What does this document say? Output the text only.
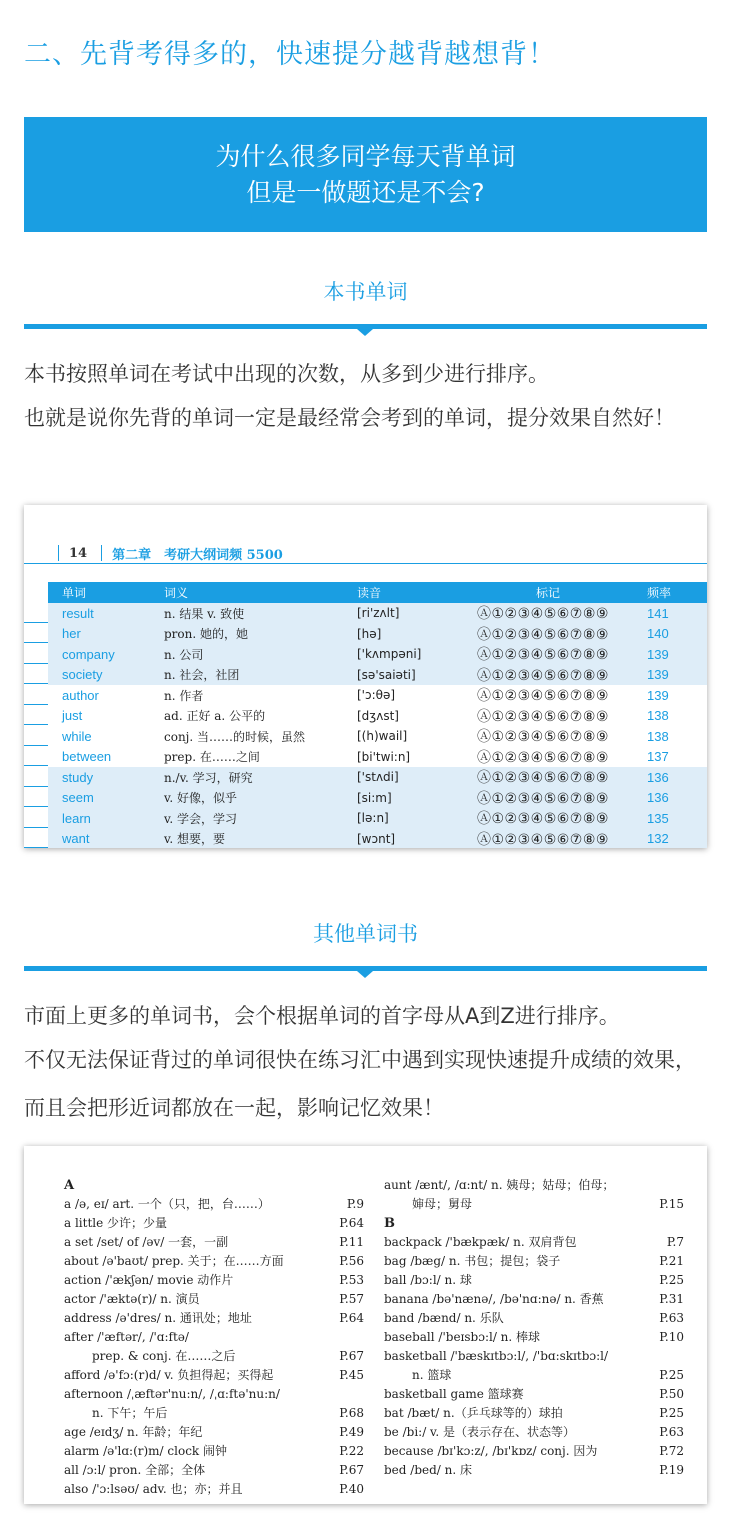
二、先背考得多的，快速提分越背越想背！
为什么很多同学每天背单词
但是一做题还是不会?
本书单词
本书按照单词在考试中出现的次数，从多到少进行排序。
也就是说你先背的单词一定是最经常会考到的单词，提分效果自然好！
14 第二章　考研大纲词频 5500
单词	词义	读音	标记	频率
result	n. 结果 v. 致使	[ri'zʌlt]	Ⓐ①②③④⑤⑥⑦⑧⑨	141
her	pron. 她的，她	[hə]	Ⓐ①②③④⑤⑥⑦⑧⑨	140
company	n. 公司	['kʌmpəni]	Ⓐ①②③④⑤⑥⑦⑧⑨	139
society	n. 社会，社团	[sə'saiəti]	Ⓐ①②③④⑤⑥⑦⑧⑨	139
author	n. 作者	['ɔ:θə]	Ⓐ①②③④⑤⑥⑦⑧⑨	139
just	ad. 正好 a. 公平的	[dʒʌst]	Ⓐ①②③④⑤⑥⑦⑧⑨	138
while	conj. 当……的时候，虽然	[(h)wail]	Ⓐ①②③④⑤⑥⑦⑧⑨	138
between	prep. 在……之间	[bi'twi:n]	Ⓐ①②③④⑤⑥⑦⑧⑨	137
study	n./v. 学习，研究	['stʌdi]	Ⓐ①②③④⑤⑥⑦⑧⑨	136
seem	v. 好像，似乎	[si:m]	Ⓐ①②③④⑤⑥⑦⑧⑨	136
learn	v. 学会，学习	[lə:n]	Ⓐ①②③④⑤⑥⑦⑧⑨	135
want	v. 想要，要	[wɔnt]	Ⓐ①②③④⑤⑥⑦⑧⑨	132
其他单词书
市面上更多的单词书，会个根据单词的首字母从A到Z进行排序。
不仅无法保证背过的单词很快在练习汇中遇到实现快速提升成绩的效果，而且会把形近词都放在一起，影响记忆效果！
A
a /ə, eɪ/ art. 一个（只，把，台……）	P.9
a little 少许；少量	P.64
a set /set/ of /əv/ 一套，一副	P.11
about /ə'baʊt/ prep. 关于；在……方面	P.56
action /'ækʃən/ movie 动作片	P.53
actor /'æktə(r)/ n. 演员	P.57
address /ə'dres/ n. 通讯处；地址	P.64
after /'æftər/, /'ɑ:ftə/
prep. & conj. 在……之后	P.67
afford /ə'fɔ:(r)d/ v. 负担得起；买得起	P.45
afternoon /ˌæftər'nu:n/, /ˌɑ:ftə'nu:n/
n. 下午；午后	P.68
age /eɪdʒ/ n. 年龄；年纪	P.49
alarm /ə'lɑ:(r)m/ clock 闹钟	P.22
all /ɔ:l/ pron. 全部；全体	P.67
also /'ɔ:lsəʊ/ adv. 也；亦；并且	P.40
aunt /ænt/, /ɑ:nt/ n. 姨母；姑母；伯母；
婶母；舅母	P.15
B
backpack /'bækpæk/ n. 双肩背包	P.7
bag /bæg/ n. 书包；提包；袋子	P.21
ball /bɔ:l/ n. 球	P.25
banana /bə'nænə/, /bə'nɑ:nə/ n. 香蕉	P.31
band /bænd/ n. 乐队	P.63
baseball /'beɪsbɔ:l/ n. 棒球	P.10
basketball /'bæskɪtbɔ:l/, /'bɑ:skɪtbɔ:l/
n. 篮球	P.25
basketball game 篮球赛	P.50
bat /bæt/ n.（乒乓球等的）球拍	P.25
be /bi:/ v. 是（表示存在、状态等）	P.63
because /bɪ'kɔ:z/, /bɪ'kɒz/ conj. 因为	P.72
bed /bed/ n. 床	P.19
